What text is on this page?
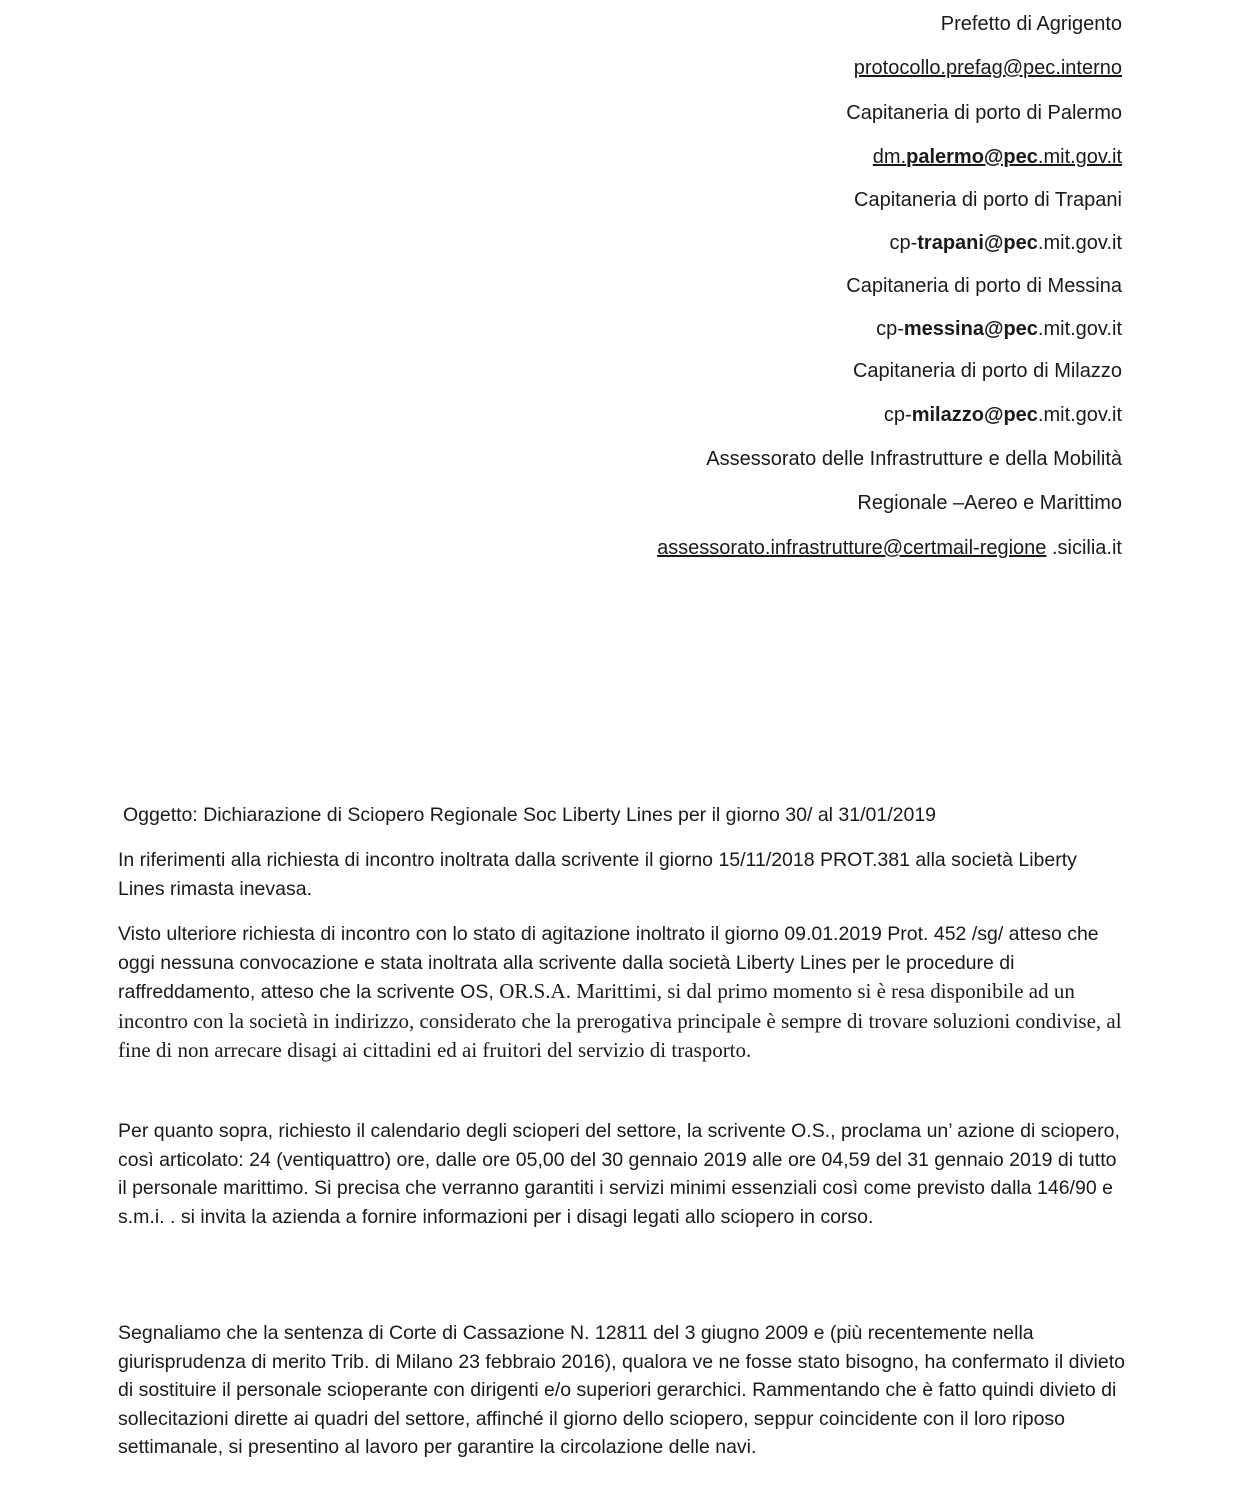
Prefetto di Agrigento
protocollo.prefag@pec.interno
Capitaneria di porto di Palermo
dm.palermo@pec.mit.gov.it
Capitaneria di porto di Trapani
cp-trapani@pec.mit.gov.it
Capitaneria di porto di Messina
cp-messina@pec.mit.gov.it
Capitaneria di porto di Milazzo
cp-milazzo@pec.mit.gov.it
Assessorato delle Infrastrutture e della Mobilità
Regionale –Aereo e Marittimo
assessorato.infrastrutture@certmail-regione .sicilia.it
Oggetto: Dichiarazione di Sciopero Regionale Soc Liberty Lines per il giorno 30/ al 31/01/2019
In riferimenti alla richiesta di incontro inoltrata dalla scrivente il giorno 15/11/2018 PROT.381 alla società Liberty Lines rimasta inevasa.
Visto ulteriore richiesta di incontro con lo stato di agitazione inoltrato il giorno 09.01.2019 Prot. 452 /sg/ atteso che oggi nessuna convocazione e stata inoltrata alla scrivente dalla società Liberty Lines per le procedure di raffreddamento, atteso che la scrivente OS, OR.S.A. Marittimi, si dal primo momento si è resa disponibile ad un incontro con la società in indirizzo, considerato che la prerogativa principale è sempre di trovare soluzioni condivise, al fine di non arrecare disagi ai cittadini ed ai fruitori del servizio di trasporto.
Per quanto sopra, richiesto il calendario degli scioperi del settore, la scrivente O.S., proclama un’ azione di sciopero, così articolato: 24 (ventiquattro) ore, dalle ore 05,00 del 30 gennaio 2019 alle ore 04,59 del 31 gennaio 2019 di tutto il personale marittimo. Si precisa che verranno garantiti i servizi minimi essenziali così come previsto dalla 146/90 e s.m.i. . si invita la azienda a fornire informazioni per i disagi legati allo sciopero in corso.
Segnaliamo che la sentenza di Corte di Cassazione N. 12811 del 3 giugno 2009 e (più recentemente nella giurisprudenza di merito Trib. di Milano 23 febbraio 2016), qualora ve ne fosse stato bisogno, ha confermato il divieto di sostituire il personale scioperante con dirigenti e/o superiori gerarchici. Rammentando che è fatto quindi divieto di sollecitazioni dirette ai quadri del settore, affinché il giorno dello sciopero, seppur coincidente con il loro riposo settimanale, si presentino al lavoro per garantire la circolazione delle navi.
